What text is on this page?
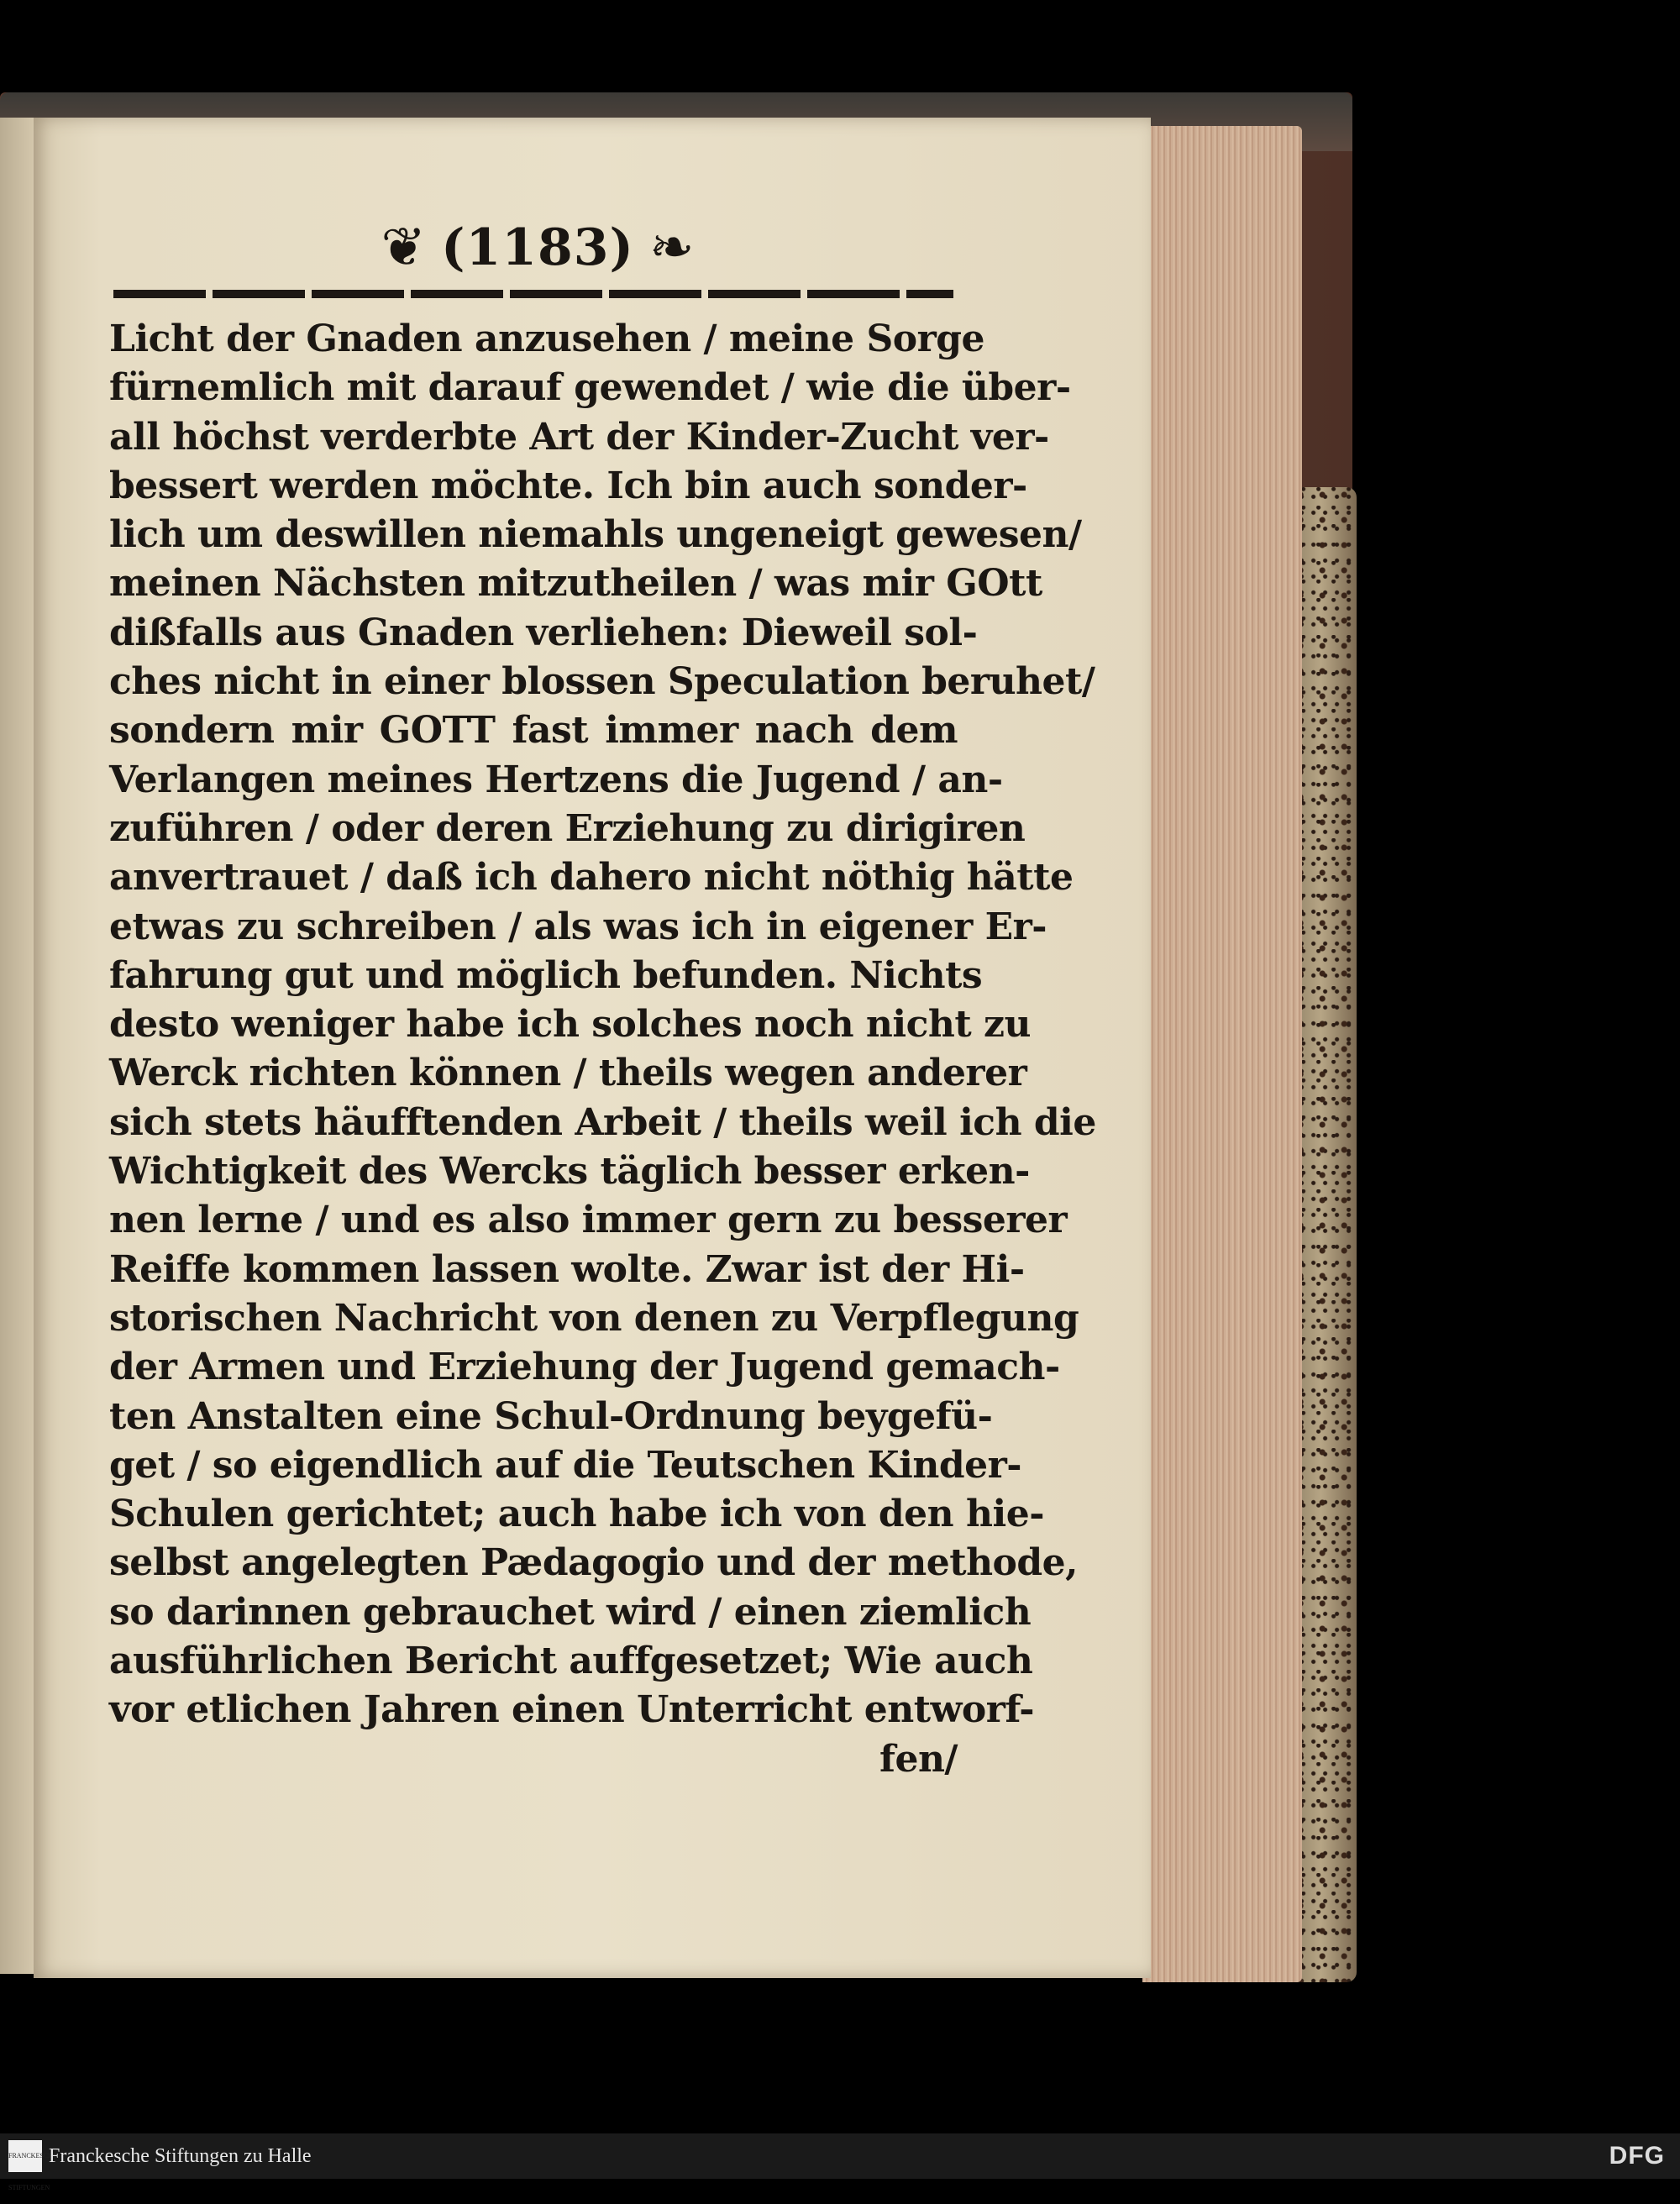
❦ (1183) ❧
Licht der Gnaden anzusehen / meine Sorge
fürnemlich mit darauf gewendet / wie die über-
all höchst verderbte Art der Kinder-Zucht ver-
bessert werden möchte. Ich bin auch sonder-
lich um deswillen niemahls ungeneigt gewesen/
meinen Nächsten mitzutheilen / was mir GOtt
dißfalls aus Gnaden verliehen: Dieweil sol-
ches nicht in einer blossen Speculation beruhet/
sondern mir GOTT fast immer nach dem
Verlangen meines Hertzens die Jugend / an-
zuführen / oder deren Erziehung zu dirigiren
anvertrauet / daß ich dahero nicht nöthig hätte
etwas zu schreiben / als was ich in eigener Er-
fahrung gut und möglich befunden. Nichts
desto weniger habe ich solches noch nicht zu
Werck richten können / theils wegen anderer
sich stets häufftenden Arbeit / theils weil ich die
Wichtigkeit des Wercks täglich besser erken-
nen lerne / und es also immer gern zu besserer
Reiffe kommen lassen wolte. Zwar ist der Hi-
storischen Nachricht von denen zu Verpflegung
der Armen und Erziehung der Jugend gemach-
ten Anstalten eine Schul-Ordnung beygefü-
get / so eigendlich auf die Teutschen Kinder-
Schulen gerichtet; auch habe ich von den hie-
selbst angelegten Pædagogio und der methode,
so darinnen gebrauchet wird / einen ziemlich
ausführlichen Bericht auffgesetzet; Wie auch
vor etlichen Jahren einen Unterricht entworf-
fen/
FRANCKESCHE STIFTUNGEN
Franckesche Stiftungen zu Halle	DFG
